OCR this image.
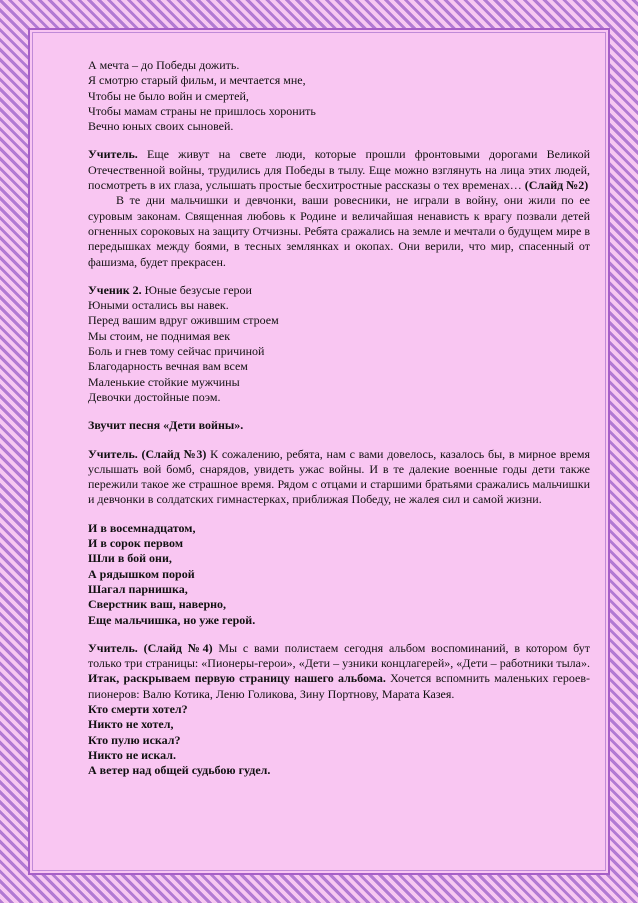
А мечта – до Победы дожить.

Я смотрю старый фильм, и мечтается мне,

Чтобы не было войн и смертей,

Чтобы мамам страны не пришлось хоронить

Вечно юных своих сыновей.

Учитель. Еще живут на свете люди, которые прошли фронтовыми дорогами Великой Отечественной войны, трудились для Победы в тылу. Еще можно взглянуть на лица этих людей, посмотреть в их глаза, услышать простые бесхитростные рассказы о тех временах… (Слайд №2)

В те дни мальчишки и девчонки, ваши ровесники, не играли в войну, они жили по ее суровым законам. Священная любовь к Родине и величайшая ненависть к врагу позвали детей огненных сороковых на защиту Отчизны. Ребята сражались на земле и мечтали о будущем мире в передышках между боями, в тесных землянках и окопах. Они верили, что мир, спасенный от фашизма, будет прекрасен.

Ученик 2. Юные безусые герои

Юными остались вы навек.

Перед вашим вдруг ожившим строем

Мы стоим, не поднимая век

Боль и гнев тому сейчас причиной

Благодарность вечная вам всем

Маленькие стойкие мужчины

Девочки достойные поэм.

Звучит песня «Дети войны».

Учитель. (Слайд №3) К сожалению, ребята, нам с вами довелось, казалось бы, в мирное время услышать вой бомб, снарядов, увидеть ужас войны. И в те далекие военные годы дети также пережили такое же страшное время. Рядом с отцами и старшими братьями сражались мальчишки и девчонки в солдатских гимнастерках, приближая Победу, не жалея сил и самой жизни.

И в восемнадцатом,

И в сорок первом

Шли в бой они,

А рядышком порой

Шагал парнишка,

Сверстник ваш, наверно,

Еще мальчишка, но уже герой.

Учитель. (Слайд №4) Мы с вами полистаем сегодня альбом воспоминаний, в котором бут только три страницы: «Пионеры-герои», «Дети – узники концлагерей», «Дети – работники тыла». Итак, раскрываем первую страницу нашего альбома. Хочется вспомнить маленьких героев-пионеров: Валю Котика, Леню Голикова, Зину Портнову, Марата Казея.

Кто смерти хотел?

Никто не хотел,

Кто пулю искал?

Никто не искал.

А ветер над общей судьбою гудел.
